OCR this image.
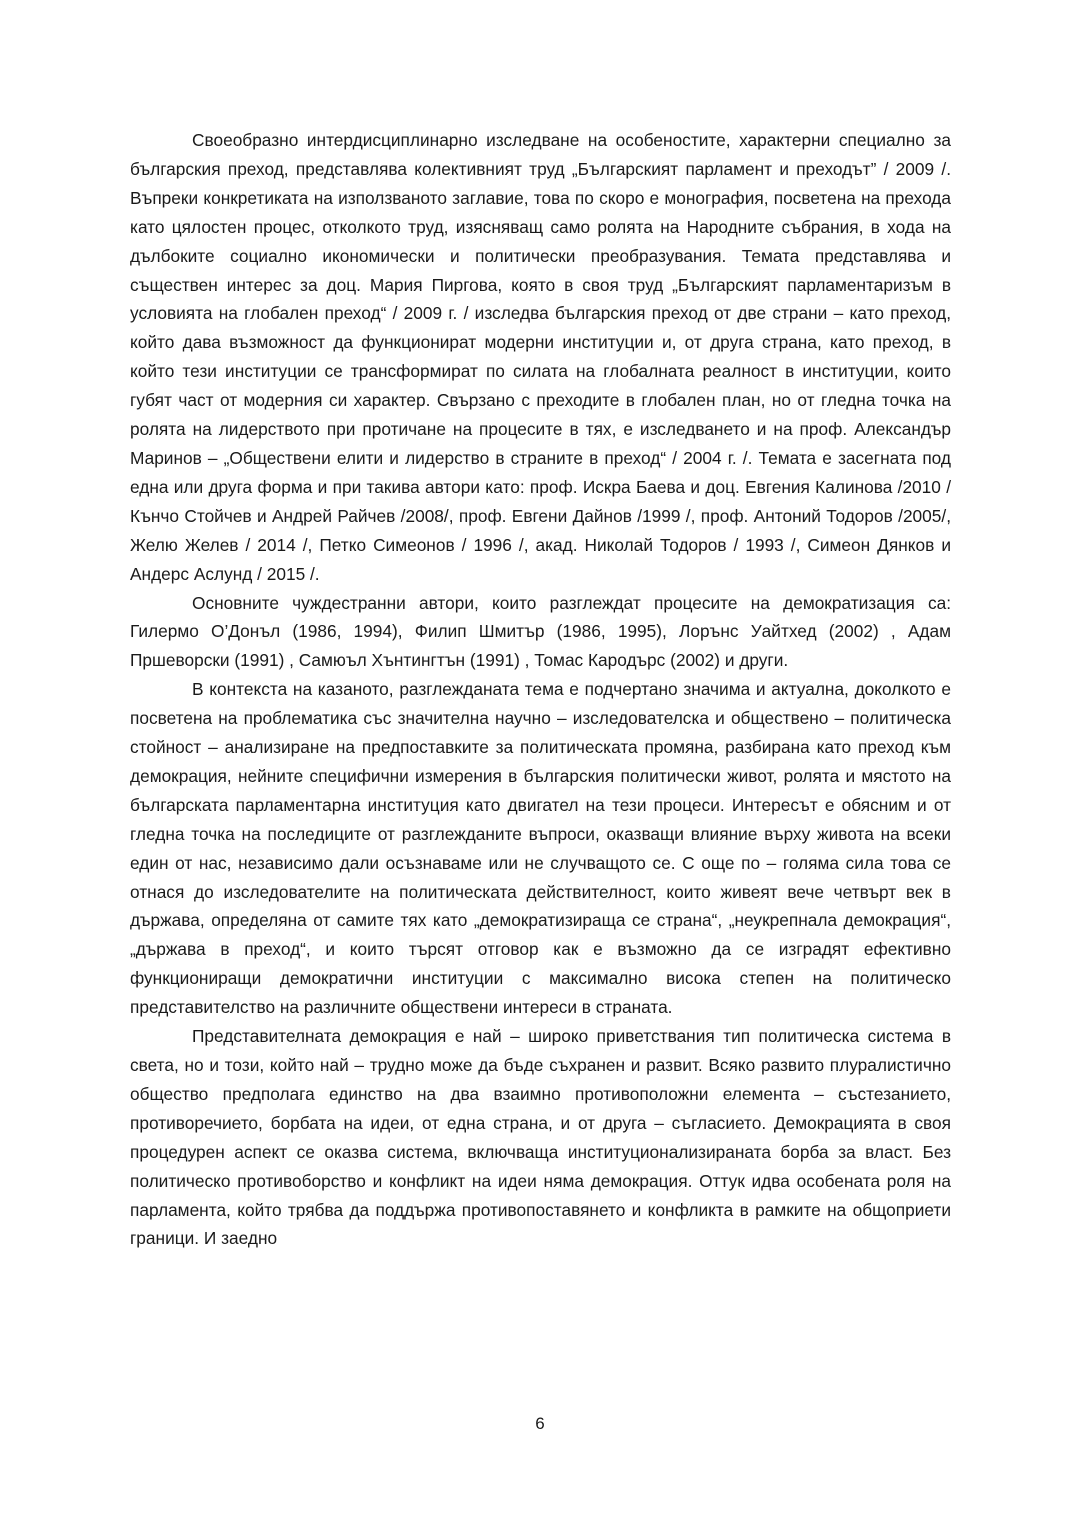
Своеобразно интердисциплинарно изследване на особеностите, характерни специално за българския преход, представлява колективният труд „Българският парламент и преходът” / 2009 /. Въпреки конкретиката на използваното заглавие, това по скоро е монография, посветена на прехода като цялостен процес, отколкото труд, изясняващ само ролята на Народните събрания, в хода на дълбоките социално икономически и политически преобразувания. Темата представлява и съществен интерес за доц. Мария Пиргова, която в своя труд „Българският парламентаризъм в условията на глобален преход“ / 2009 г. / изследва българския преход от две страни – като преход, който дава възможност да функционират модерни институции и, от друга страна, като преход, в който тези институции се трансформират по силата на глобалната реалност в институции, които губят част от модерния си характер. Свързано с преходите в глобален план, но от гледна точка на ролята на лидерството при протичане на процесите в тях, е изследването и на проф. Александър Маринов – „Обществени елити и лидерство в страните в преход“ / 2004 г. /. Темата е засегната под една или друга форма и при такива автори като: проф. Искра Баева и доц. Евгения Калинова /2010 / Кънчо Стойчев и Андрей Райчев /2008/, проф. Евгени Дайнов /1999 /, проф. Антоний Тодоров /2005/, Желю Желев / 2014 /, Петко Симеонов / 1996 /, акад. Николай Тодоров / 1993 /, Симеон Дянков и Андерс Аслунд / 2015 /.

Основните чуждестранни автори, които разглеждат процесите на демократизация са: Гилермо О’Донъл (1986, 1994), Филип Шмитър (1986, 1995), Лорънс Уайтхед (2002) , Адам Пршеворски (1991) , Самюъл Хънтингтън (1991) , Томас Кародърс (2002) и други.

В контекста на казаното, разглежданата тема е подчертано значима и актуална, доколкото е посветена на проблематика със значителна научно – изследователска и обществено – политическа стойност – анализиране на предпоставките за политическата промяна, разбирана като преход към демокрация, нейните специфични измерения в българския политически живот, ролята и мястото на българската парламентарна институция като двигател на тези процеси. Интересът е обясним и от гледна точка на последиците от разглежданите въпроси, оказващи влияние върху живота на всеки един от нас, независимо дали осъзнаваме или не случващото се. С още по – голяма сила това се отнася до изследователите на политическата действителност, които живеят вече четвърт век в държава, определяна от самите тях като „демократизираща се страна“, „неукрепнала демокрация“, „държава в преход“, и които търсят отговор как е възможно да се изградят ефективно функциониращи демократични институции с максимално висока степен на политическо представителство на различните обществени интереси в страната.

Представителната демокрация е най – широко приветствания тип политическа система в света, но и този, който най – трудно може да бъде съхранен и развит. Всяко развито плуралистично общество предполага единство на два взаимно противоположни елемента – състезанието, противоречието, борбата на идеи, от една страна, и от друга – съгласието. Демокрацията в своя процедурен аспект се оказва система, включваща институционализираната борба за власт. Без политическо противоборство и конфликт на идеи няма демокрация. Оттук идва особената роля на парламента, който трябва да поддържа противопоставянето и конфликта в рамките на общоприети граници. И заедно

6
